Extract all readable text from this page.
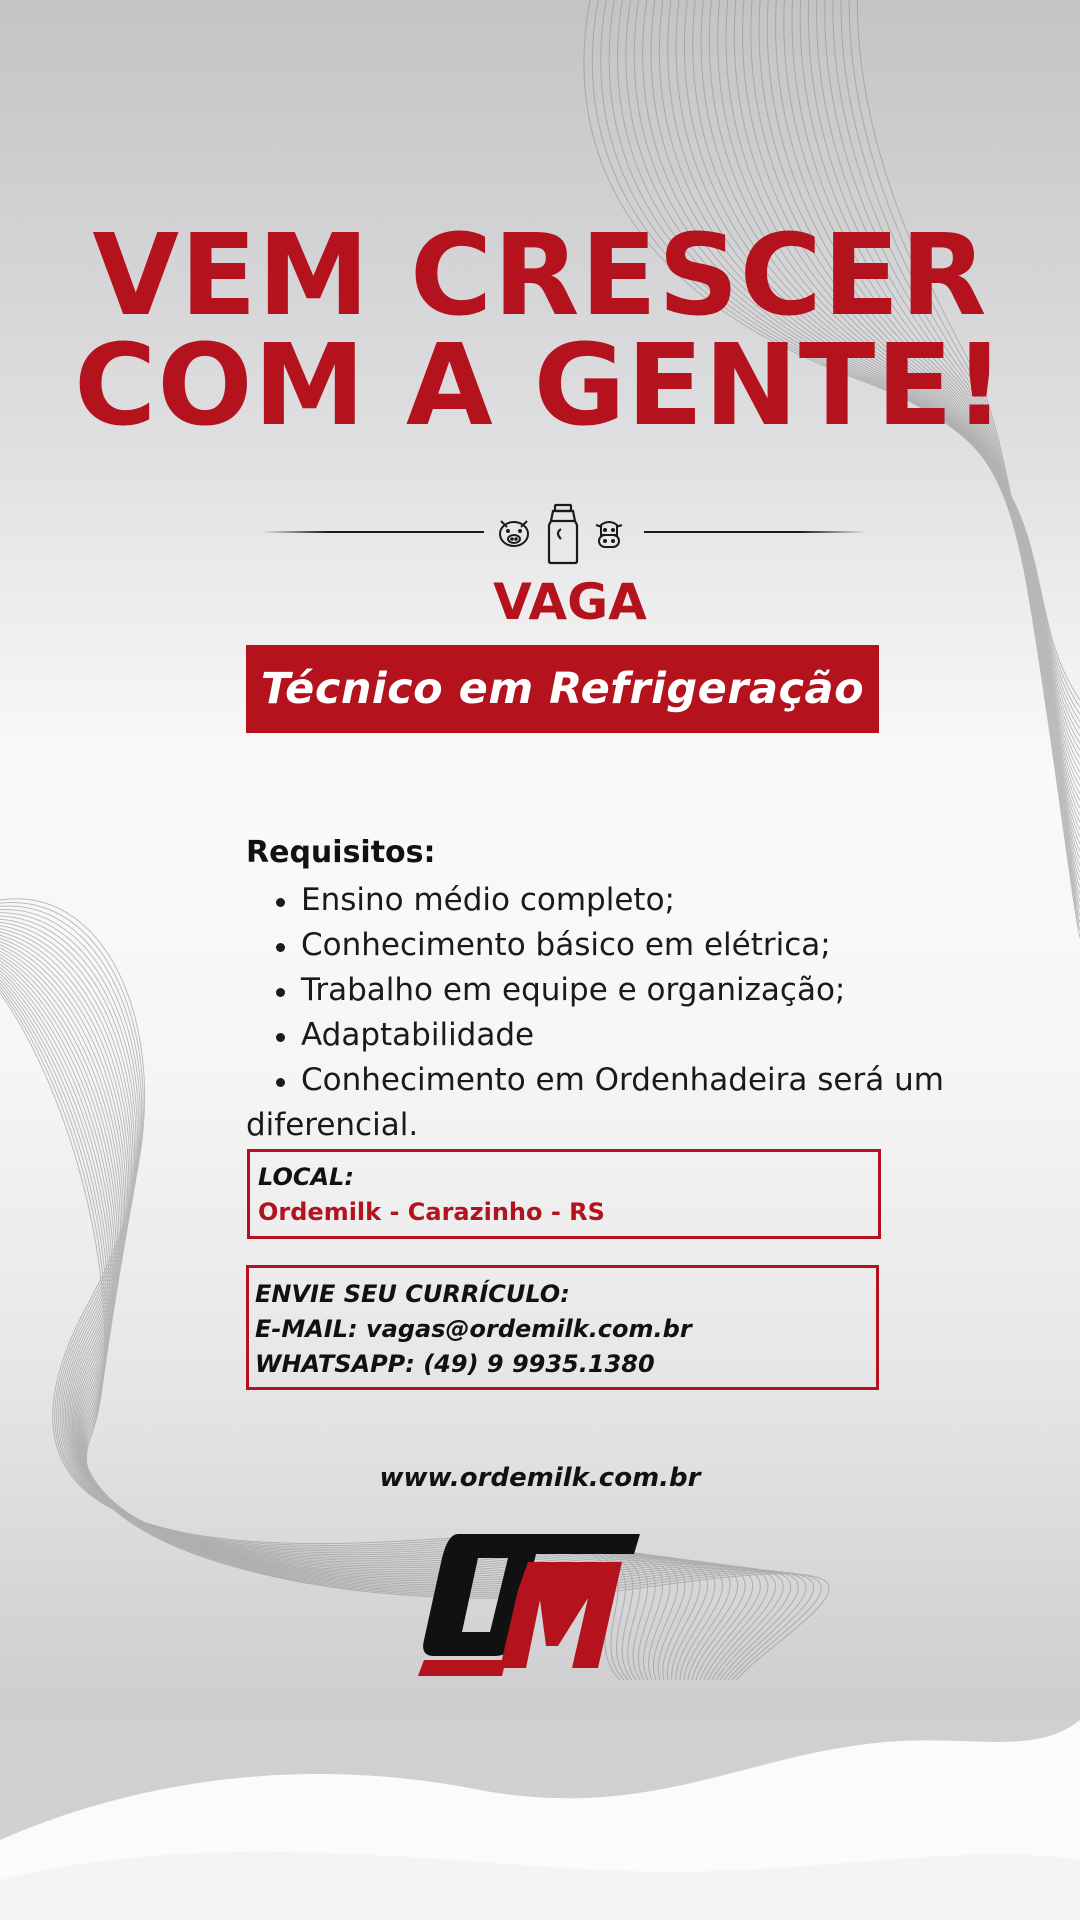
VEM CRESCER
COM A GENTE!
VAGA
Técnico em Refrigeração
Requisitos:
Ensino médio completo;
Conhecimento básico em elétrica;
Trabalho em equipe e organização;
Adaptabilidade
Conhecimento em Ordenhadeira será um diferencial.
LOCAL:
Ordemilk - Carazinho - RS
ENVIE SEU CURRÍCULO:
E-MAIL: vagas@ordemilk.com.br
WHATSAPP: (49) 9 9935.1380
www.ordemilk.com.br
